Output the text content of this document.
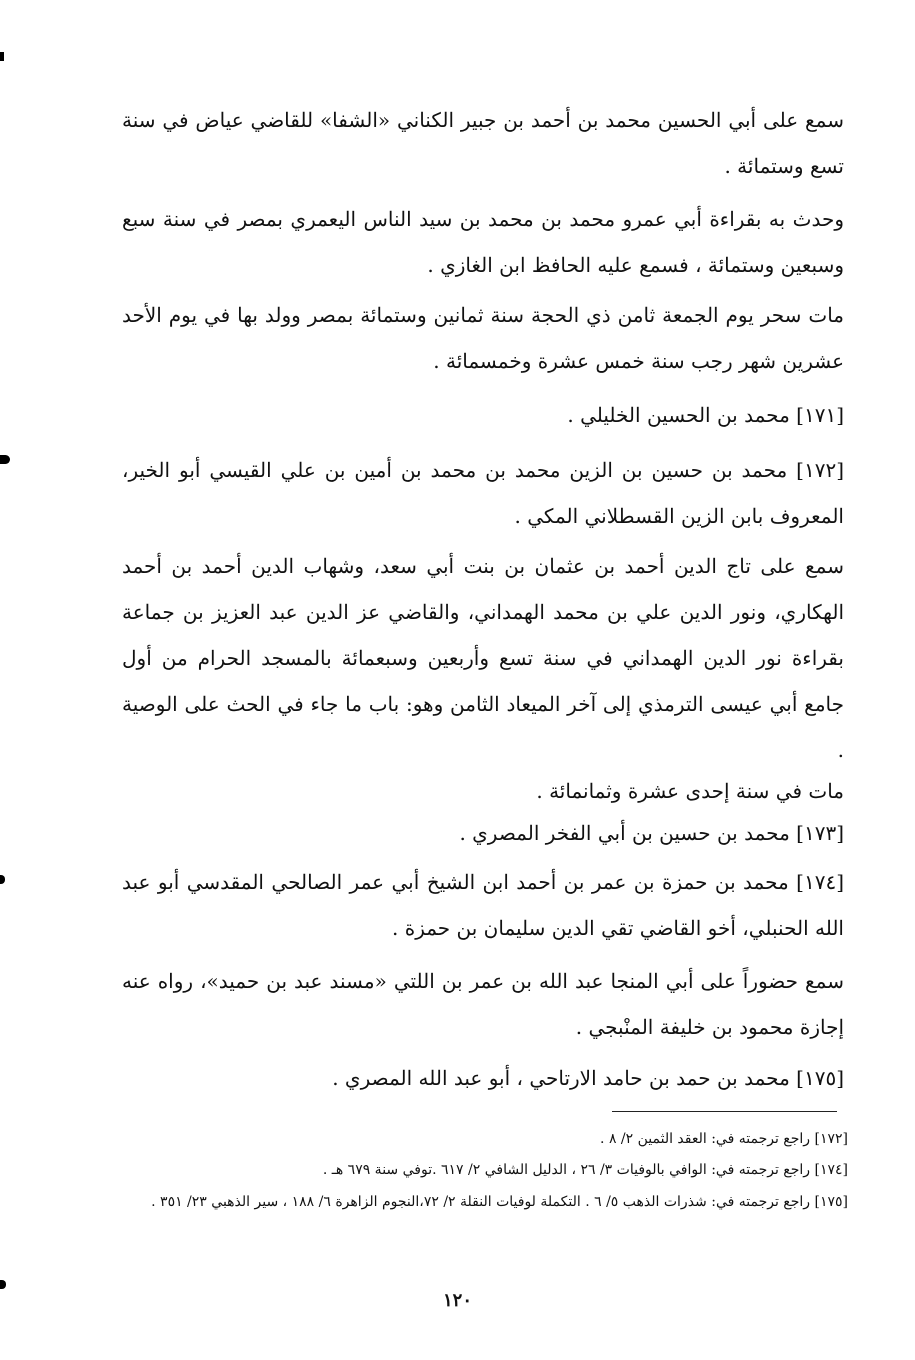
سمع على أبي الحسين محمد بن أحمد بن جبير الكناني «الشفا» للقاضي عياض في سنة تسع وستمائة .

وحدث به بقراءة أبي عمرو محمد بن محمد بن سيد الناس اليعمري بمصر في سنة سبع وسبعين وستمائة ، فسمع عليه الحافظ ابن الغازي .

مات سحر يوم الجمعة ثامن ذي الحجة سنة ثمانين وستمائة بمصر وولد بها في يوم الأحد عشرين شهر رجب سنة خمس عشرة وخمسمائة .

[١٧١] محمد بن الحسين الخليلي .

[١٧٢] محمد بن حسين بن الزين محمد بن محمد بن أمين بن علي القيسي أبو الخير، المعروف بابن الزين القسطلاني المكي .

سمع على تاج الدين أحمد بن عثمان بن بنت أبي سعد، وشهاب الدين أحمد بن أحمد الهكاري، ونور الدين علي بن محمد الهمداني، والقاضي عز الدين عبد العزيز بن جماعة بقراءة نور الدين الهمداني في سنة تسع وأربعين وسبعمائة بالمسجد الحرام من أول جامع أبي عيسى الترمذي إلى آخر الميعاد الثامن وهو: باب ما جاء في الحث على الوصية .

مات في سنة إحدى عشرة وثمانمائة .

[١٧٣] محمد بن حسين بن أبي الفخر المصري .

[١٧٤] محمد بن حمزة بن عمر بن أحمد ابن الشيخ أبي عمر الصالحي المقدسي أبو عبد الله الحنبلي، أخو القاضي تقي الدين سليمان بن حمزة .

سمع حضوراً على أبي المنجا عبد الله بن عمر بن اللتي «مسند عبد بن حميد»، رواه عنه إجازة محمود بن خليفة المنْبجي .

[١٧٥] محمد بن حمد بن حامد الارتاحي ، أبو عبد الله المصري .

[١٧٢] راجع ترجمته في: العقد الثمين ٢/ ٨ .

[١٧٤] راجع ترجمته في: الوافي بالوفيات ٣/ ٢٦ ، الدليل الشافي ٢/ ٦١٧ .توفي سنة ٦٧٩ هـ .

[١٧٥] راجع ترجمته في: شذرات الذهب ٥/ ٦ . التكملة لوفيات النقلة ٢/ ٧٢،النجوم الزاهرة ٦/ ١٨٨ ، سير الذهبي ٢٣/ ٣٥١ .

١٢٠
